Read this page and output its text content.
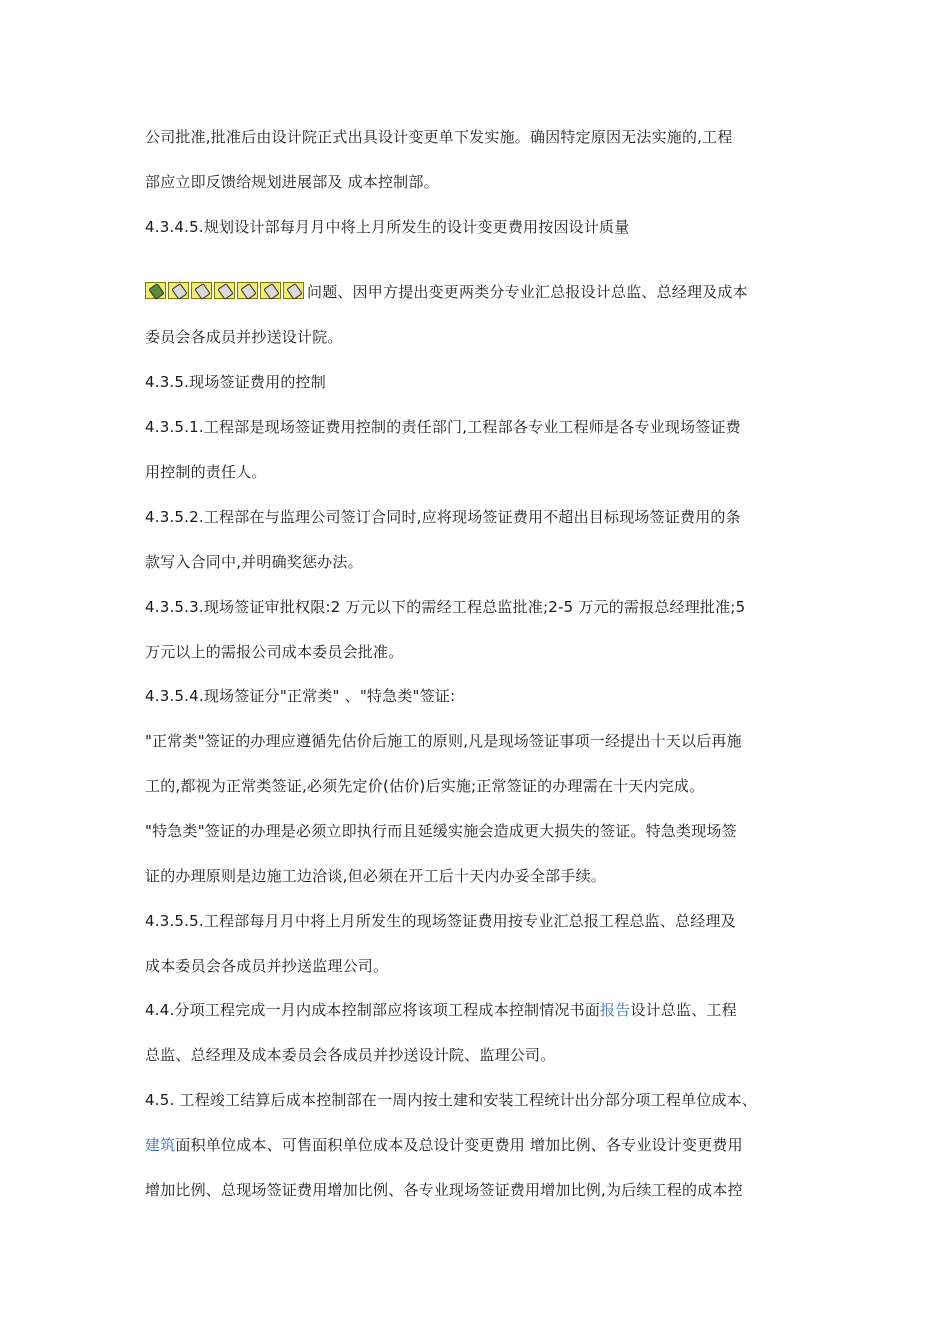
公司批准,批准后由设计院正式出具设计变更单下发实施。确因特定原因无法实施的,工程
部应立即反馈给规划进展部及 成本控制部。
4.3.4.5.规划设计部每月月中将上月所发生的设计变更费用按因设计质量
问题、因甲方提出变更两类分专业汇总报设计总监、总经理及成本
委员会各成员并抄送设计院。
4.3.5.现场签证费用的控制
4.3.5.1.工程部是现场签证费用控制的责任部门,工程部各专业工程师是各专业现场签证费
用控制的责任人。
4.3.5.2.工程部在与监理公司签订合同时,应将现场签证费用不超出目标现场签证费用的条
款写入合同中,并明确奖惩办法。
4.3.5.3.现场签证审批权限:2 万元以下的需经工程总监批准;2-5 万元的需报总经理批准;5
万元以上的需报公司成本委员会批准。
4.3.5.4.现场签证分"正常类" 、"特急类"签证:
"正常类"签证的办理应遵循先估价后施工的原则,凡是现场签证事项一经提出十天以后再施
工的,都视为正常类签证,必须先定价(估价)后实施;正常签证的办理需在十天内完成。
"特急类"签证的办理是必须立即执行而且延缓实施会造成更大损失的签证。特急类现场签
证的办理原则是边施工边洽谈,但必须在开工后十天内办妥全部手续。
4.3.5.5.工程部每月月中将上月所发生的现场签证费用按专业汇总报工程总监、总经理及
成本委员会各成员并抄送监理公司。
4.4.分项工程完成一月内成本控制部应将该项工程成本控制情况书面报告设计总监、工程
总监、总经理及成本委员会各成员并抄送设计院、监理公司。
4.5. 工程竣工结算后成本控制部在一周内按土建和安装工程统计出分部分项工程单位成本、
建筑面积单位成本、可售面积单位成本及总设计变更费用 增加比例、各专业设计变更费用
增加比例、总现场签证费用增加比例、各专业现场签证费用增加比例,为后续工程的成本控
